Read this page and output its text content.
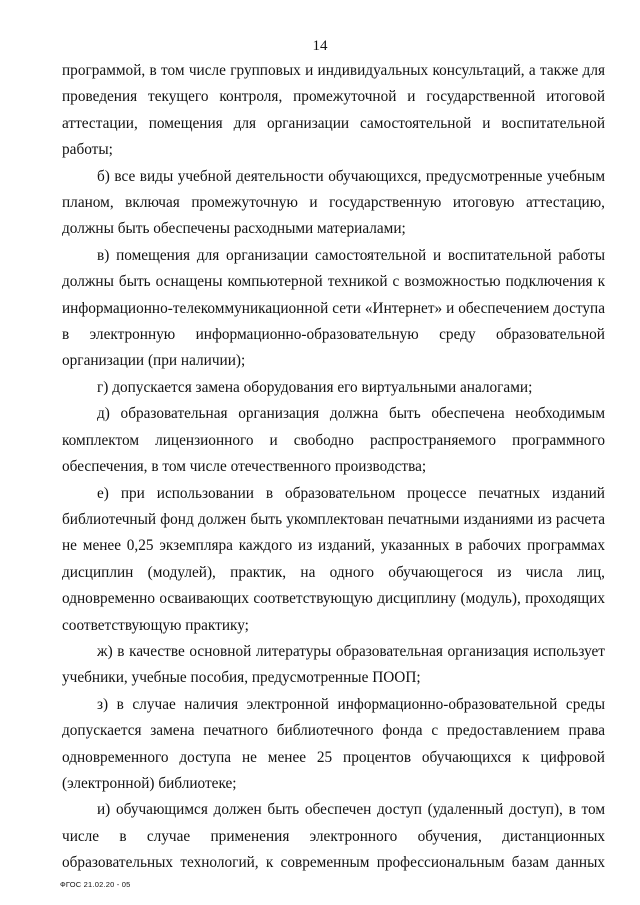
14

программой, в том числе групповых и индивидуальных консультаций, а также для проведения текущего контроля, промежуточной и государственной итоговой аттестации, помещения для организации самостоятельной и воспитательной работы;

б) все виды учебной деятельности обучающихся, предусмотренные учебным планом, включая промежуточную и государственную итоговую аттестацию, должны быть обеспечены расходными материалами;

в) помещения для организации самостоятельной и воспитательной работы должны быть оснащены компьютерной техникой с возможностью подключения к информационно-телекоммуникационной сети «Интернет» и обеспечением доступа в электронную информационно-образовательную среду образовательной организации (при наличии);

г) допускается замена оборудования его виртуальными аналогами;

д) образовательная организация должна быть обеспечена необходимым комплектом лицензионного и свободно распространяемого программного обеспечения, в том числе отечественного производства;

е) при использовании в образовательном процессе печатных изданий библиотечный фонд должен быть укомплектован печатными изданиями из расчета не менее 0,25 экземпляра каждого из изданий, указанных в рабочих программах дисциплин (модулей), практик, на одного обучающегося из числа лиц, одновременно осваивающих соответствующую дисциплину (модуль), проходящих соответствующую практику;

ж) в качестве основной литературы образовательная организация использует учебники, учебные пособия, предусмотренные ПООП;

з) в случае наличия электронной информационно-образовательной среды допускается замена печатного библиотечного фонда с предоставлением права одновременного доступа не менее 25 процентов обучающихся к цифровой (электронной) библиотеке;

и) обучающимся должен быть обеспечен доступ (удаленный доступ), в том числе в случае применения электронного обучения, дистанционных образовательных технологий, к современным профессиональным базам данных

ФГОС 21.02.20 - 05
